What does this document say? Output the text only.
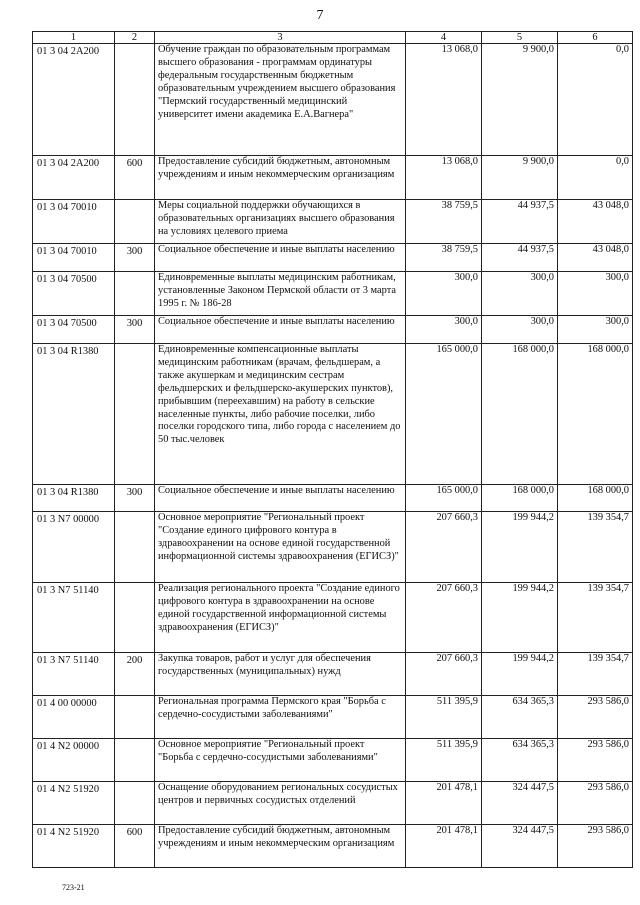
7
1	2	3	4	5	6
01 3 04 2A200		Обучение граждан по образовательным программам высшего образования - программам ординатуры федеральным государственным бюджетным образовательным учреждением высшего образования "Пермский государственный медицинский университет имени академика Е.А.Вагнера"	13 068,0	9 900,0	0,0
01 3 04 2A200	600	Предоставление субсидий бюджетным, автономным учреждениям и иным некоммерческим организациям	13 068,0	9 900,0	0,0
01 3 04 70010		Меры социальной поддержки обучающихся в образовательных организациях высшего образования на условиях целевого приема	38 759,5	44 937,5	43 048,0
01 3 04 70010	300	Социальное обеспечение и иные выплаты населению	38 759,5	44 937,5	43 048,0
01 3 04 70500		Единовременные выплаты медицинским работникам, установленные Законом Пермской области от 3 марта 1995 г. № 186-28	300,0	300,0	300,0
01 3 04 70500	300	Социальное обеспечение и иные выплаты населению	300,0	300,0	300,0
01 3 04 R1380		Единовременные компенсационные выплаты медицинским работникам (врачам, фельдшерам, а также акушеркам и медицинским сестрам фельдшерских и фельдшерско-акушерских пунктов), прибывшим (переехавшим) на работу в сельские населенные пункты, либо рабочие поселки, либо поселки городского типа, либо города с населением до 50 тыс.человек	165 000,0	168 000,0	168 000,0
01 3 04 R1380	300	Социальное обеспечение и иные выплаты населению	165 000,0	168 000,0	168 000,0
01 3 N7 00000		Основное мероприятие "Региональный проект "Создание единого цифрового контура в здравоохранении на основе единой государственной информационной системы здравоохранения (ЕГИСЗ)"	207 660,3	199 944,2	139 354,7
01 3 N7 51140		Реализация регионального проекта "Создание единого цифрового контура в здравоохранении на основе единой государственной информационной системы здравоохранения (ЕГИСЗ)"	207 660,3	199 944,2	139 354,7
01 3 N7 51140	200	Закупка товаров, работ и услуг для обеспечения государственных (муниципальных) нужд	207 660,3	199 944,2	139 354,7
01 4 00 00000		Региональная программа Пермского края "Борьба с сердечно-сосудистыми заболеваниями"	511 395,9	634 365,3	293 586,0
01 4 N2 00000		Основное мероприятие "Региональный проект "Борьба с сердечно-сосудистыми заболеваниями"	511 395,9	634 365,3	293 586,0
01 4 N2 51920		Оснащение оборудованием региональных сосудистых центров и первичных сосудистых отделений	201 478,1	324 447,5	293 586,0
01 4 N2 51920	600	Предоставление субсидий бюджетным, автономным учреждениям и иным некоммерческим организациям	201 478,1	324 447,5	293 586,0
723-21
